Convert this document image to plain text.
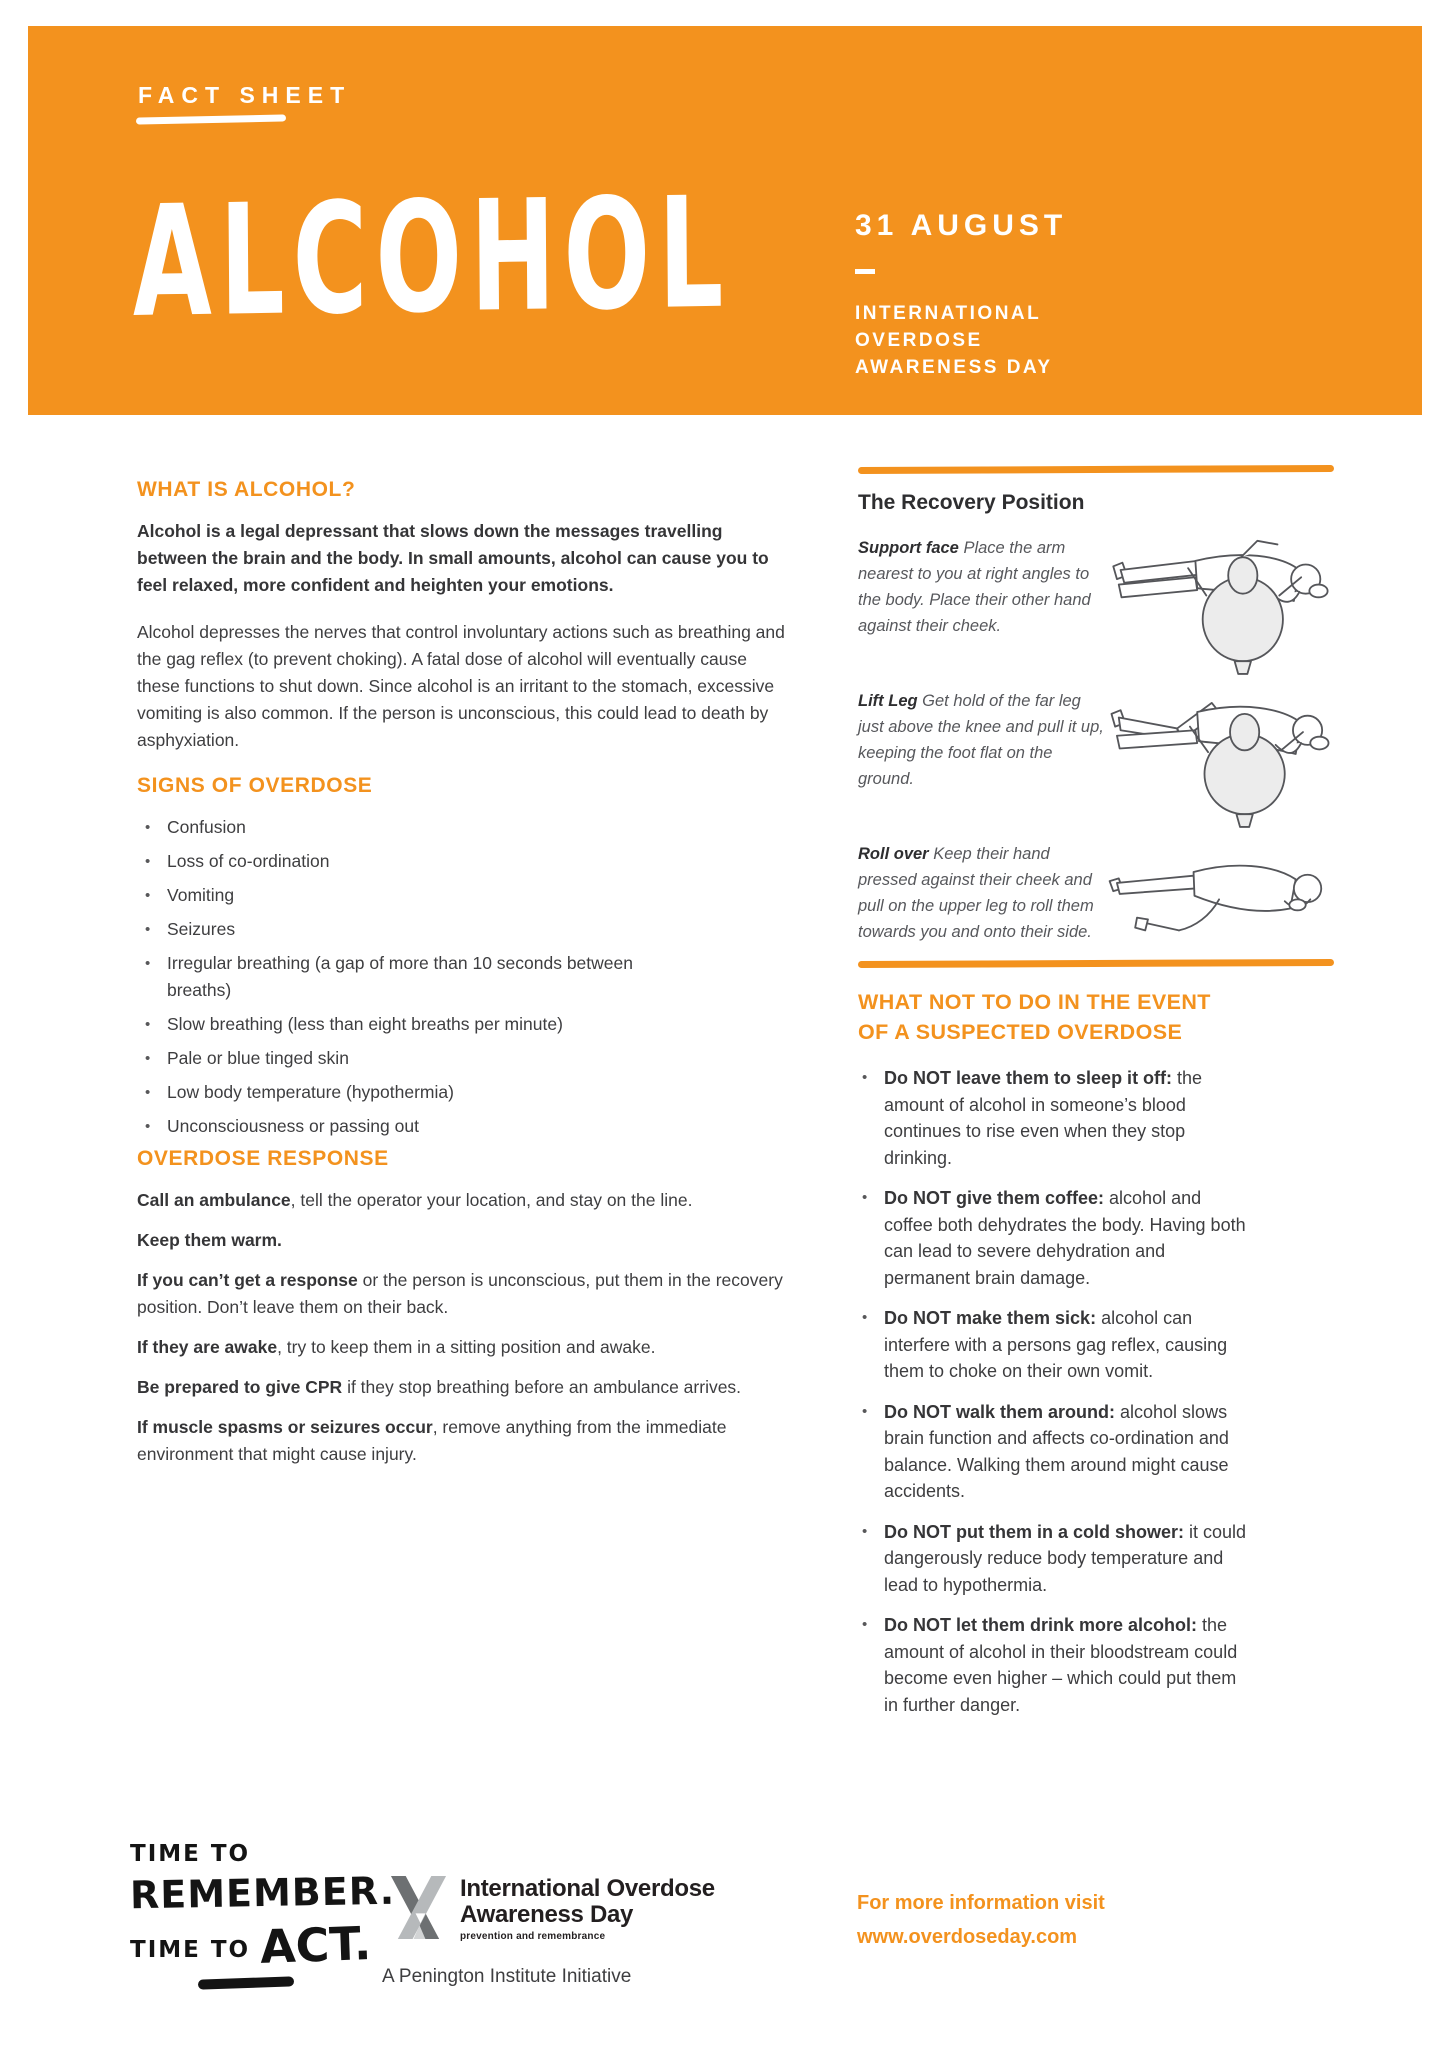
FACT SHEET
ALCOHOL	31 AUGUST
INTERNATIONAL
OVERDOSE
AWARENESS DAY
WHAT IS ALCOHOL?

Alcohol is a legal depressant that slows down the messages travelling between the brain and the body. In small amounts, alcohol can cause you to feel relaxed, more confident and heighten your emotions.

Alcohol depresses the nerves that control involuntary actions such as breathing and the gag reflex (to prevent choking). A fatal dose of alcohol will eventually cause these functions to shut down. Since alcohol is an irritant to the stomach, excessive vomiting is also common. If the person is unconscious, this could lead to death by asphyxiation.

SIGNS OF OVERDOSE
• Confusion
• Loss of co-ordination
• Vomiting
• Seizures
• Irregular breathing (a gap of more than 10 seconds between breaths)
• Slow breathing (less than eight breaths per minute)
• Pale or blue tinged skin
• Low body temperature (hypothermia)
• Unconsciousness or passing out
OVERDOSE RESPONSE

Call an ambulance, tell the operator your location, and stay on the line.

Keep them warm.

If you can’t get a response or the person is unconscious, put them in the recovery position. Don’t leave them on their back.

If they are awake, try to keep them in a sitting position and awake.

Be prepared to give CPR if they stop breathing before an ambulance arrives.

If muscle spasms or seizures occur, remove anything from the immediate environment that might cause injury.

The Recovery Position
Support face Place the arm nearest to you at right angles to the body. Place their other hand against their cheek.
Lift Leg Get hold of the far leg just above the knee and pull it up, keeping the foot flat on the ground.
Roll over Keep their hand pressed against their cheek and pull on the upper leg to roll them towards you and onto their side.
WHAT NOT TO DO IN THE EVENT
OF A SUSPECTED OVERDOSE
• Do NOT leave them to sleep it off: the amount of alcohol in someone’s blood continues to rise even when they stop drinking.
• Do NOT give them coffee: alcohol and coffee both dehydrates the body. Having both can lead to severe dehydration and permanent brain damage.
• Do NOT make them sick: alcohol can interfere with a persons gag reflex, causing them to choke on their own vomit.
• Do NOT walk them around: alcohol slows brain function and affects co-ordination and balance. Walking them around might cause accidents.
• Do NOT put them in a cold shower: it could dangerously reduce body temperature and lead to hypothermia.
• Do NOT let them drink more alcohol: the amount of alcohol in their bloodstream could become even higher – which could put them in further danger.
TIME TO
REMEMBER.
TIME TO ACT.
International Overdose
Awareness Day
prevention and remembrance
A Penington Institute Initiative
For more information visit
www.overdoseday.com
